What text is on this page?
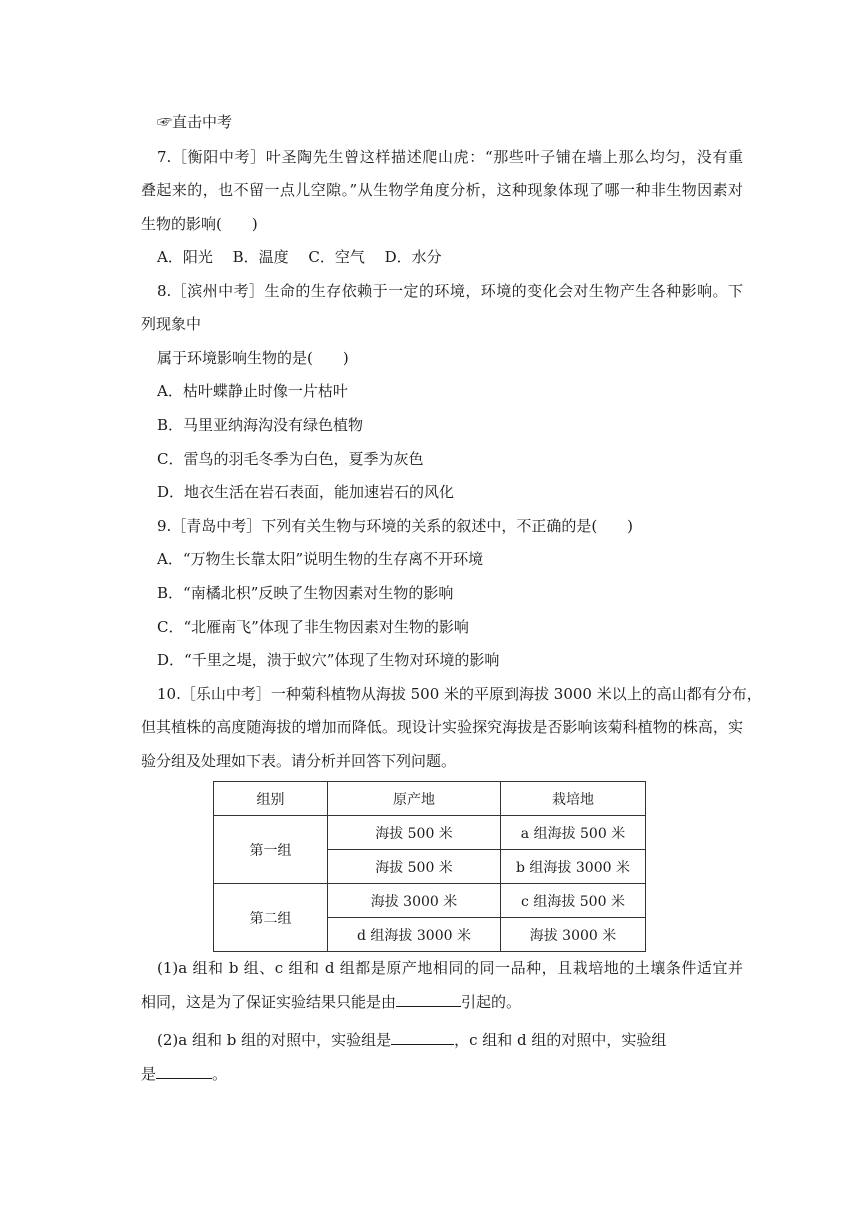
☞直击中考
7.［衡阳中考］叶圣陶先生曾这样描述爬山虎：“那些叶子铺在墙上那么均匀，没有重
叠起来的，也不留一点儿空隙。”从生物学角度分析，这种现象体现了哪一种非生物因素对
生物的影响(　　)
A．阳光　 B．温度　 C．空气　 D．水分
8.［滨州中考］生命的生存依赖于一定的环境，环境的变化会对生物产生各种影响。下
列现象中
属于环境影响生物的是(　　)
A．枯叶蝶静止时像一片枯叶
B．马里亚纳海沟没有绿色植物
C．雷鸟的羽毛冬季为白色，夏季为灰色
D．地衣生活在岩石表面，能加速岩石的风化
9.［青岛中考］下列有关生物与环境的关系的叙述中，不正确的是(　　)
A．“万物生长靠太阳”说明生物的生存离不开环境
B．“南橘北枳”反映了生物因素对生物的影响
C．“北雁南飞”体现了非生物因素对生物的影响
D．“千里之堤，溃于蚁穴”体现了生物对环境的影响
10.［乐山中考］一种菊科植物从海拔 500 米的平原到海拔 3000 米以上的高山都有分布，
但其植株的高度随海拔的增加而降低。现设计实验探究海拔是否影响该菊科植物的株高，实
验分组及处理如下表。请分析并回答下列问题。
组别	原产地	栽培地
第一组	海拔 500 米	a 组海拔 500 米
	海拔 500 米	b 组海拔 3000 米
第二组	海拔 3000 米	c 组海拔 500 米
	d 组海拔 3000 米	海拔 3000 米
(1)a 组和 b 组、c 组和 d 组都是原产地相同的同一品种，且栽培地的土壤条件适宜并
相同，这是为了保证实验结果只能是由	引起的。
(2)a 组和 b 组的对照中，实验组是	，c 组和 d 组的对照中，实验组
是	。
